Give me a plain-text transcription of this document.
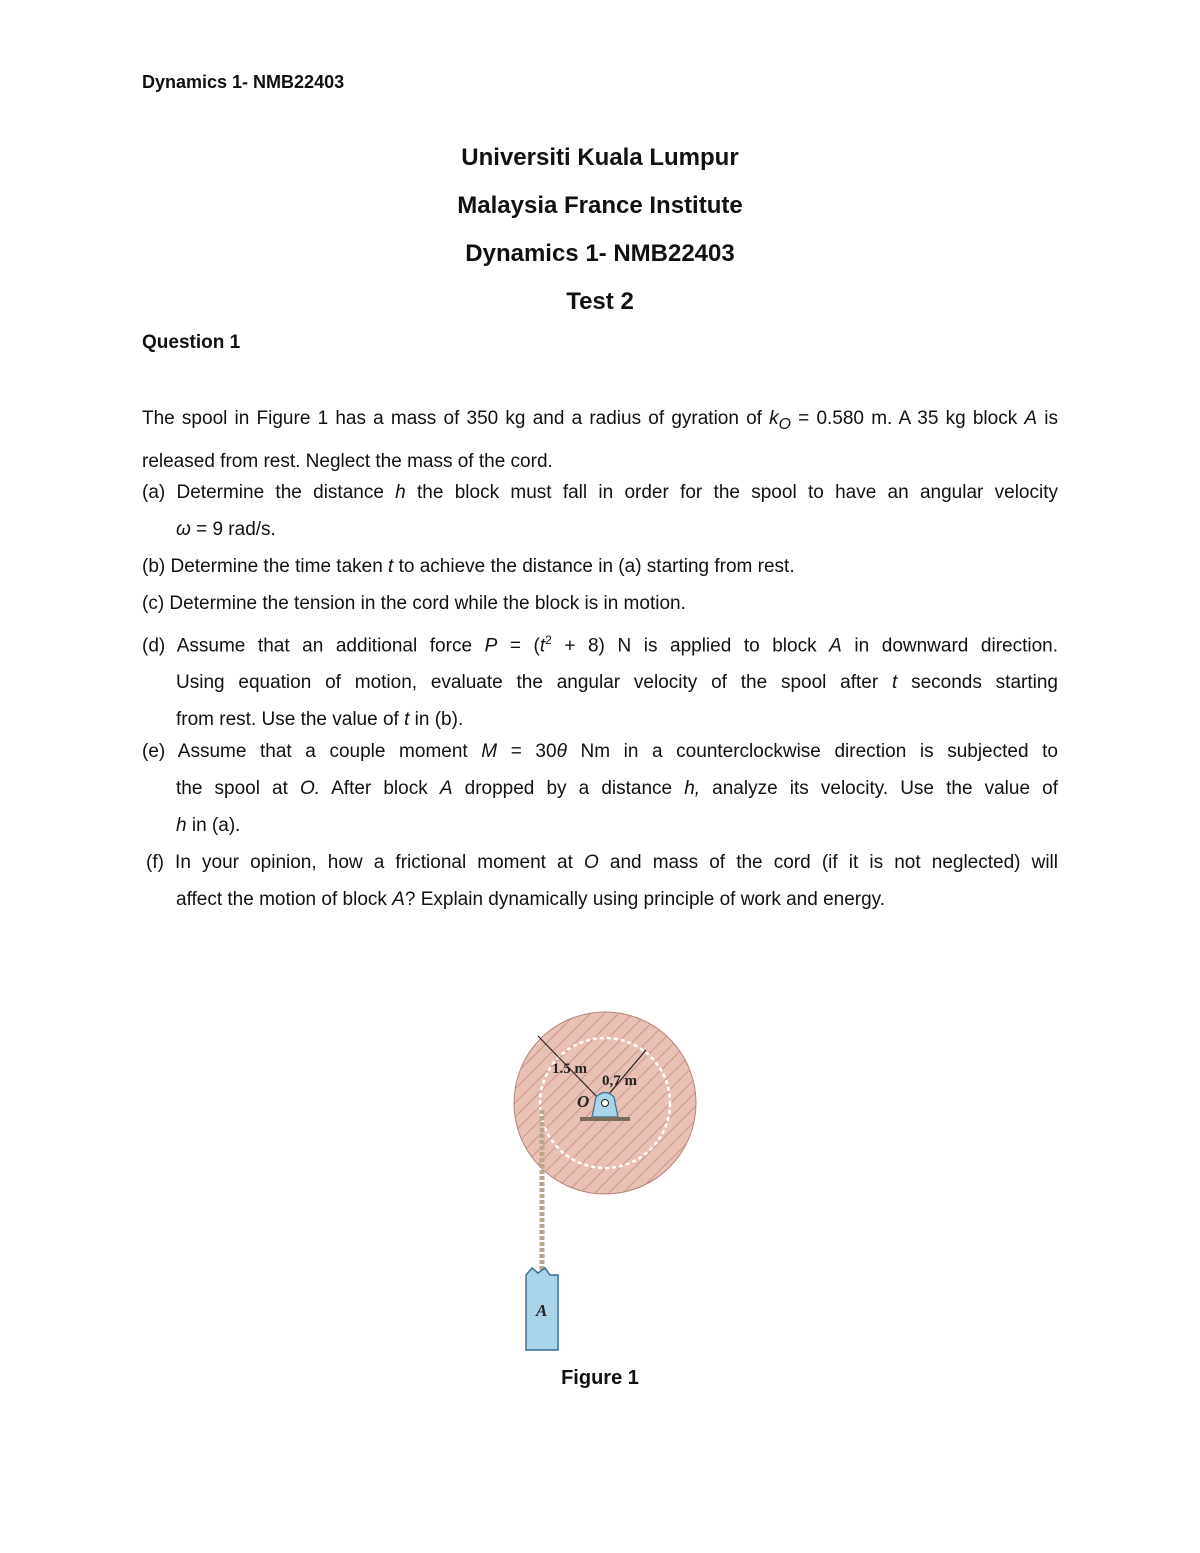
Dynamics 1- NMB22403
Universiti Kuala Lumpur
Malaysia France Institute
Dynamics 1- NMB22403
Test 2
Question 1
The spool in Figure 1 has a mass of 350 kg and a radius of gyration of $k_O = 0.580$ m. A 35 kg block A is released from rest. Neglect the mass of the cord.
(a) Determine the distance h the block must fall in order for the spool to have an angular velocity
ω = 9 rad/s.
(b) Determine the time taken t to achieve the distance in (a) starting from rest.
(c) Determine the tension in the cord while the block is in motion.
(d) Assume that an additional force $P = (t^2 + 8)$ N is applied to block A in downward direction.
Using equation of motion, evaluate the angular velocity of the spool after t seconds starting
from rest. Use the value of t in (b).
(e) Assume that a couple moment M = 30θ Nm in a counterclockwise direction is subjected to
the spool at O. After block A dropped by a distance h, analyze its velocity. Use the value of
h in (a).
(f) In your opinion, how a frictional moment at O and mass of the cord (if it is not neglected) will
affect the motion of block A? Explain dynamically using principle of work and energy.
1.5 m
0,7 m
O
A
Figure 1
